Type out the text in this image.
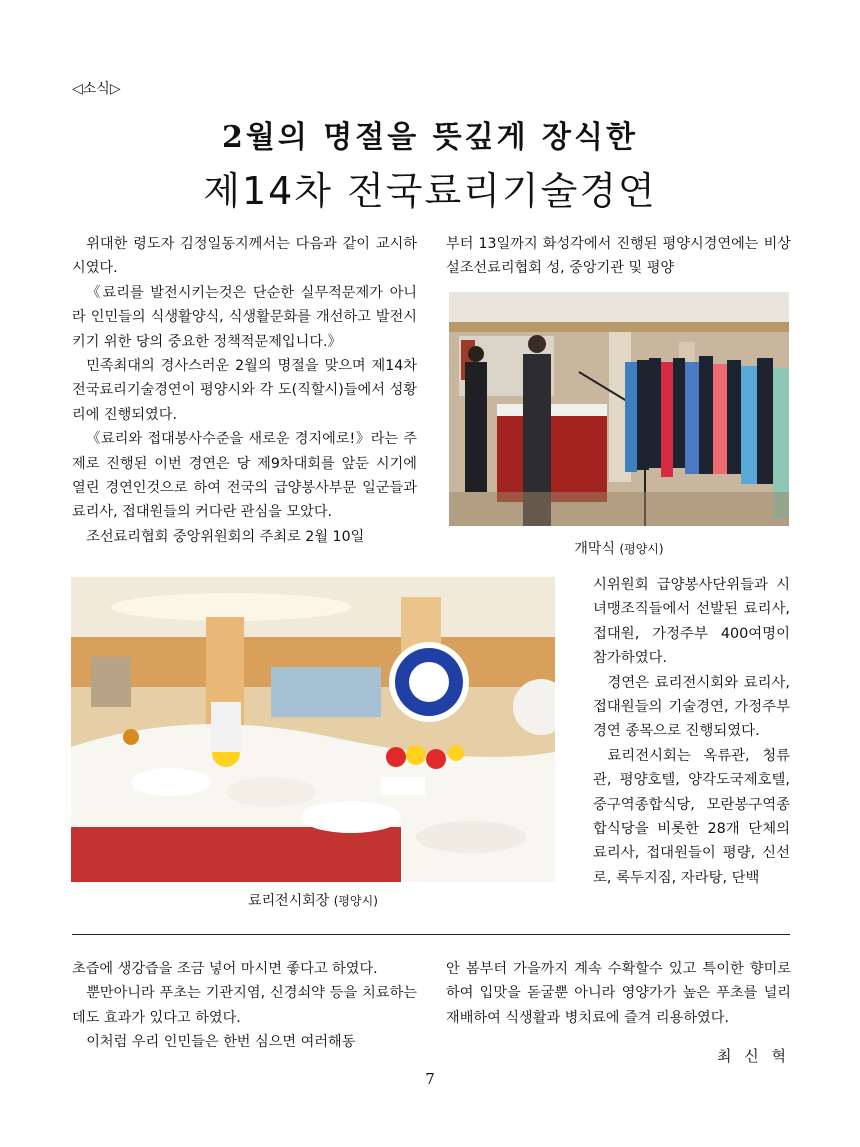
◁소식▷
2월의 명절을 뜻깊게 장식한
제14차 전국료리기술경연

위대한 령도자 김정일동지께서는 다음과 같이 교시하시였다.

《료리를 발전시키는것은 단순한 실무적문제가 아니라 인민들의 식생활양식, 식생활문화를 개선하고 발전시키기 위한 당의 중요한 정책적문제입니다.》

민족최대의 경사스러운 2월의 명절을 맞으며 제14차 전국료리기술경연이 평양시와 각 도(직할시)들에서 성황리에 진행되였다.

《료리와 접대봉사수준을 새로운 경지에로!》라는 주제로 진행된 이번 경연은 당 제9차대회를 앞둔 시기에 열린 경연인것으로 하여 전국의 급양봉사부문 일군들과 료리사, 접대원들의 커다란 관심을 모았다.

조선료리협회 중앙위원회의 주최로 2월 10일

부터 13일까지 화성각에서 진행된 평양시경연에는 비상설조선료리협회 성, 중앙기관 및 평양

개막식 (평양시)
료리전시회장 (평양시)

시위원회 급양봉사단위들과 시녀맹조직들에서 선발된 료리사, 접대원, 가정주부 400여명이 참가하였다.

경연은 료리전시회와 료리사, 접대원들의 기술경연, 가정주부경연 종목으로 진행되였다.

료리전시회는 옥류관, 청류관, 평양호텔, 양각도국제호텔, 중구역종합식당, 모란봉구역종합식당을 비롯한 28개 단체의 료리사, 접대원들이 평량, 신선로, 록두지짐, 자라탕, 단백

초즙에 생강즙을 조금 넣어 마시면 좋다고 하였다.

뿐만아니라 푸초는 기관지염, 신경쇠약 등을 치료하는데도 효과가 있다고 하였다.

이처럼 우리 인민들은 한번 심으면 여러해동

안 봄부터 가을까지 계속 수확할수 있고 특이한 향미로 하여 입맛을 돋굴뿐 아니라 영양가가 높은 푸초를 널리 재배하여 식생활과 병치료에 즐겨 리용하였다.

최 신 혁
7
